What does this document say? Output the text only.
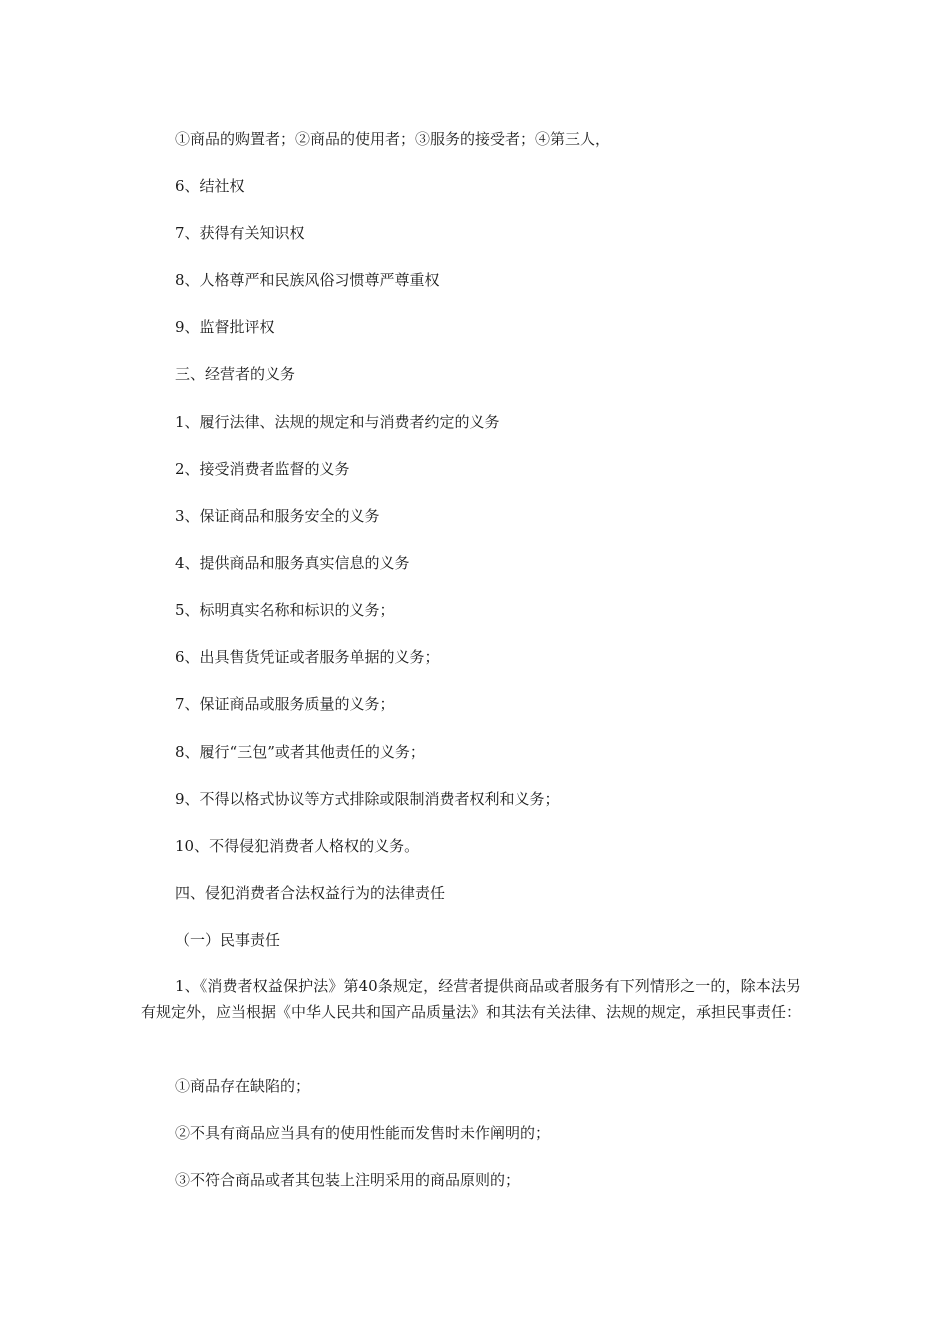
①商品的购置者；②商品的使用者；③服务的接受者；④第三人，
6、结社权
7、获得有关知识权
8、人格尊严和民族风俗习惯尊严尊重权
9、监督批评权
三、经营者的义务
1、履行法律、法规的规定和与消费者约定的义务
2、接受消费者监督的义务
3、保证商品和服务安全的义务
4、提供商品和服务真实信息的义务
5、标明真实名称和标识的义务；
6、出具售货凭证或者服务单据的义务；
7、保证商品或服务质量的义务；
8、履行“三包”或者其他责任的义务；
9、不得以格式协议等方式排除或限制消费者权利和义务；
10、不得侵犯消费者人格权的义务。
四、侵犯消费者合法权益行为的法律责任
（一）民事责任
1、《消费者权益保护法》第40条规定，经营者提供商品或者服务有下列情形之一的，除本法另有规定外，应当根据《中华人民共和国产品质量法》和其法有关法律、法规的规定，承担民事责任：
①商品存在缺陷的；
②不具有商品应当具有的使用性能而发售时未作阐明的；
③不符合商品或者其包装上注明采用的商品原则的；
